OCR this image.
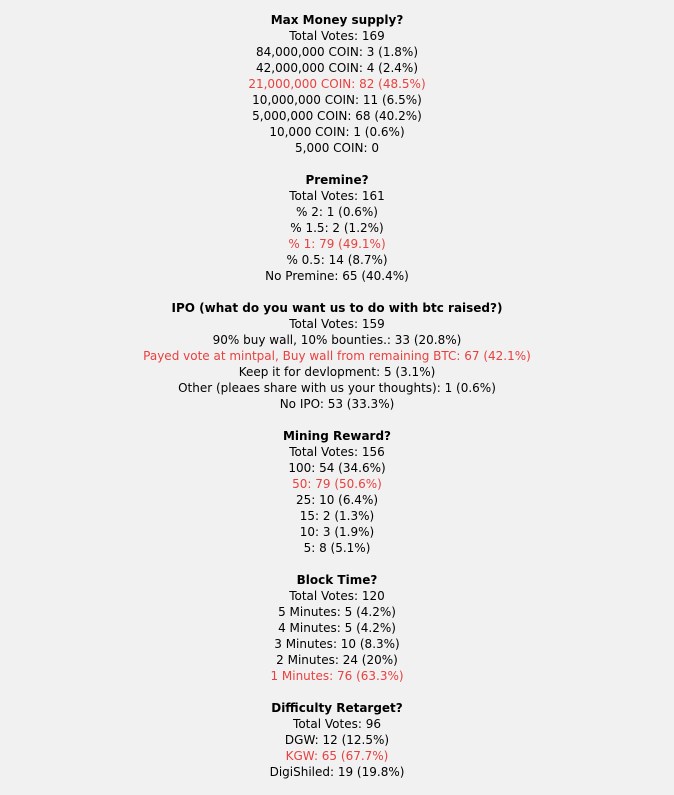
Max Money supply?
Total Votes: 169
84,000,000 COIN: 3 (1.8%)
42,000,000 COIN: 4 (2.4%)
21,000,000 COIN: 82 (48.5%)
10,000,000 COIN: 11 (6.5%)
5,000,000 COIN: 68 (40.2%)
10,000 COIN: 1 (0.6%)
5,000 COIN: 0
Premine?
Total Votes: 161
% 2: 1 (0.6%)
% 1.5: 2 (1.2%)
% 1: 79 (49.1%)
% 0.5: 14 (8.7%)
No Premine: 65 (40.4%)
IPO (what do you want us to do with btc raised?)
Total Votes: 159
90% buy wall, 10% bounties.: 33 (20.8%)
Payed vote at mintpal, Buy wall from remaining BTC: 67 (42.1%)
Keep it for devlopment: 5 (3.1%)
Other (pleaes share with us your thoughts): 1 (0.6%)
No IPO: 53 (33.3%)
Mining Reward?
Total Votes: 156
100: 54 (34.6%)
50: 79 (50.6%)
25: 10 (6.4%)
15: 2 (1.3%)
10: 3 (1.9%)
5: 8 (5.1%)
Block Time?
Total Votes: 120
5 Minutes: 5 (4.2%)
4 Minutes: 5 (4.2%)
3 Minutes: 10 (8.3%)
2 Minutes: 24 (20%)
1 Minutes: 76 (63.3%)
Difficulty Retarget?
Total Votes: 96
DGW: 12 (12.5%)
KGW: 65 (67.7%)
DigiShiled: 19 (19.8%)
